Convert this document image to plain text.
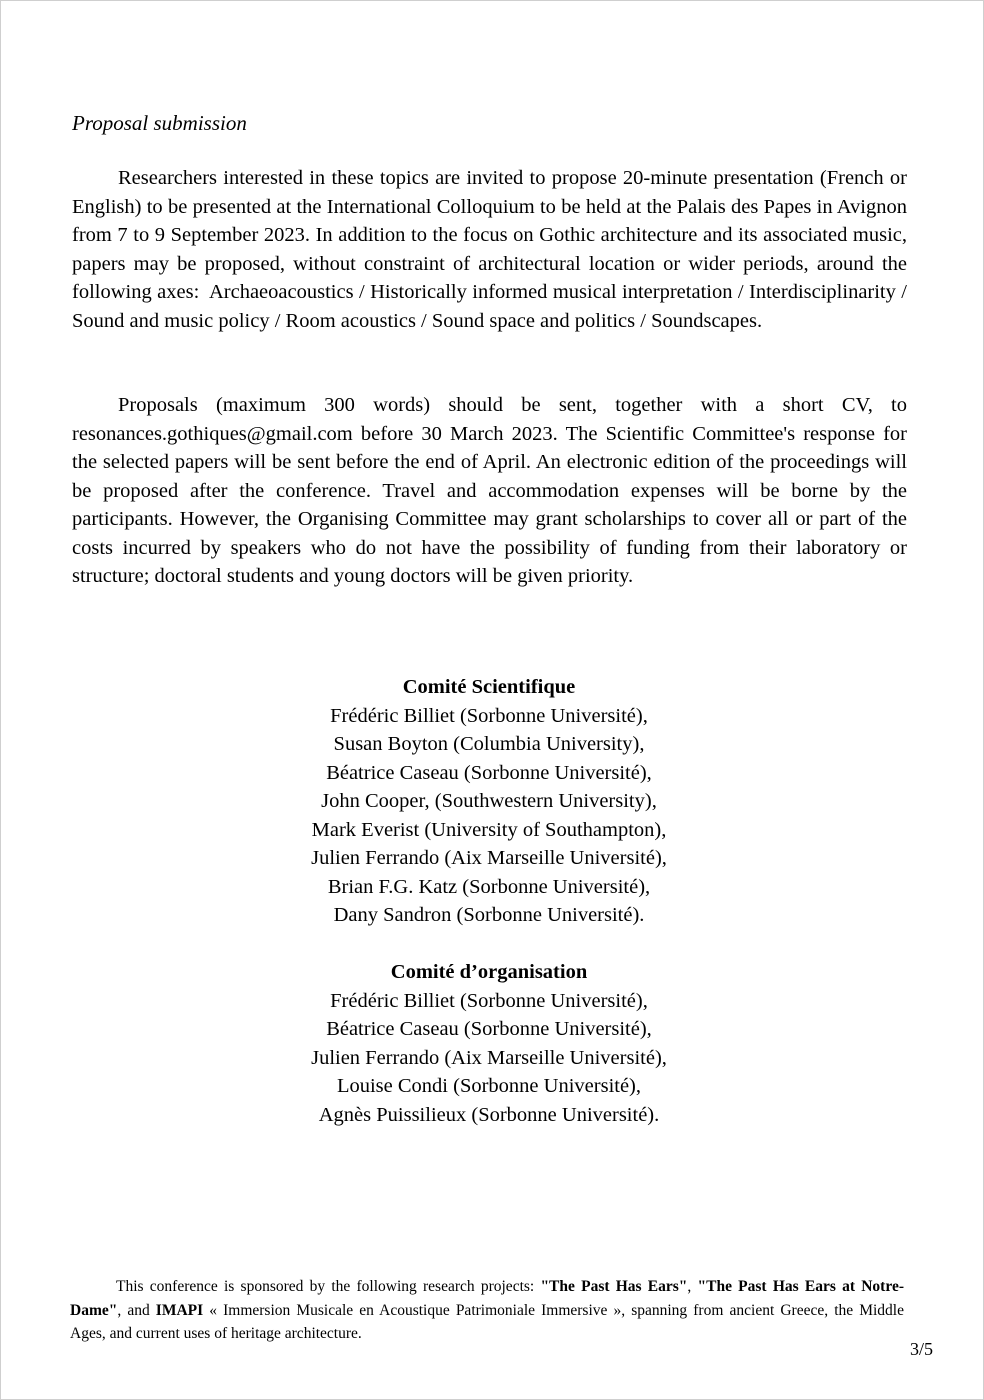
Proposal submission

Researchers interested in these topics are invited to propose 20-minute presentation (French or English) to be presented at the International Colloquium to be held at the Palais des Papes in Avignon from 7 to 9 September 2023. In addition to the focus on Gothic architecture and its associated music, papers may be proposed, without constraint of architectural location or wider periods, around the following axes:  Archaeoacoustics / Historically informed musical interpretation / Interdisciplinarity / Sound and music policy / Room acoustics / Sound space and politics / Soundscapes.

Proposals (maximum 300 words) should be sent, together with a short CV, to resonances.gothiques@gmail.com before 30 March 2023. The Scientific Committee's response for the selected papers will be sent before the end of April. An electronic edition of the proceedings will be proposed after the conference. Travel and accommodation expenses will be borne by the participants. However, the Organising Committee may grant scholarships to cover all or part of the costs incurred by speakers who do not have the possibility of funding from their laboratory or structure; doctoral students and young doctors will be given priority.

Comité Scientifique
Frédéric Billiet (Sorbonne Université),
Susan Boyton (Columbia University),
Béatrice Caseau (Sorbonne Université),
John Cooper, (Southwestern University),
Mark Everist (University of Southampton),
Julien Ferrando (Aix Marseille Université),
Brian F.G. Katz (Sorbonne Université),
Dany Sandron (Sorbonne Université).
Comité d’organisation
Frédéric Billiet (Sorbonne Université),
Béatrice Caseau (Sorbonne Université),
Julien Ferrando (Aix Marseille Université),
Louise Condi (Sorbonne Université),
Agnès Puissilieux (Sorbonne Université).

This conference is sponsored by the following research projects: "The Past Has Ears", "The Past Has Ears at Notre-Dame", and IMAPI « Immersion Musicale en Acoustique Patrimoniale Immersive », spanning from ancient Greece, the Middle Ages, and current uses of heritage architecture.

3/5
